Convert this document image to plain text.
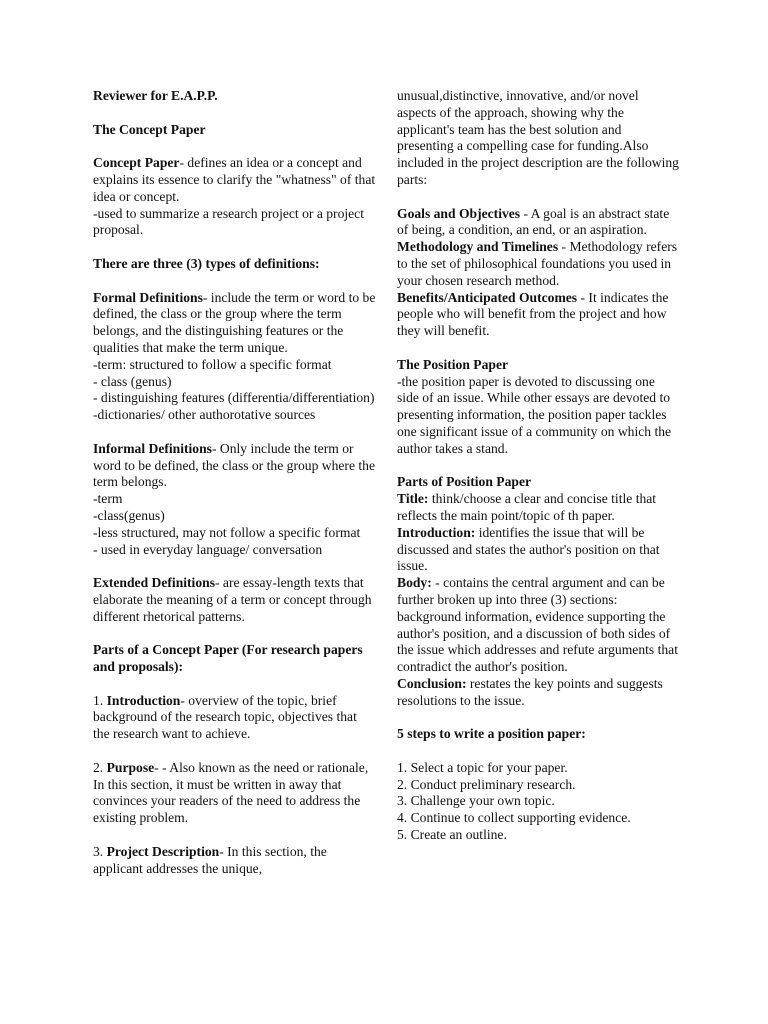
Reviewer for E.A.P.P.

The Concept Paper

Concept Paper- defines an idea or a concept and explains its essence to clarify the "whatness" of that idea or concept.

-used to summarize a research project or a project proposal.

There are three (3) types of definitions:

Formal Definitions- include the term or word to be defined, the class or the group where the term belongs, and the distinguishing features or the qualities that make the term unique.

-term: structured to follow a specific format

- class (genus)

- distinguishing features (differentia/differentiation)

-dictionaries/ other authorotative sources

Informal Definitions- Only include the term or word to be defined, the class or the group where the term belongs.

-term

-class(genus)

-less structured, may not follow a specific format

- used in everyday language/ conversation

Extended Definitions- are essay-length texts that elaborate the meaning of a term or concept through different rhetorical patterns.

Parts of a Concept Paper (For research papers and proposals):

1. Introduction- overview of the topic, brief background of the research topic, objectives that the research want to achieve.

2. Purpose- - Also known as the need or rationale, In this section, it must be written in away that convinces your readers of the need to address the existing problem.

3. Project Description- In this section, the applicant addresses the unique,

unusual,distinctive, innovative, and/or novel aspects of the approach, showing why the applicant's team has the best solution and presenting a compelling case for funding.Also included in the project description are the following parts:

Goals and Objectives - A goal is an abstract state of being, a condition, an end, or an aspiration.

Methodology and Timelines - Methodology refers to the set of philosophical foundations you used in your chosen research method.

Benefits/Anticipated Outcomes - It indicates the people who will benefit from the project and how they will benefit.

The Position Paper

-the position paper is devoted to discussing one side of an issue. While other essays are devoted to presenting information, the position paper tackles one significant issue of a community on which the author takes a stand.

Parts of Position Paper

Title: think/choose a clear and concise title that reflects the main point/topic of th paper.

Introduction: identifies the issue that will be discussed and states the author's position on that issue.

Body: - contains the central argument and can be further broken up into three (3) sections:

background information, evidence supporting the author's position, and a discussion of both sides of the issue which addresses and refute arguments that contradict the author's position.

Conclusion: restates the key points and suggests resolutions to the issue.

5 steps to write a position paper:

1. Select a topic for your paper.

2. Conduct preliminary research.

3. Challenge your own topic.

4. Continue to collect supporting evidence.

5. Create an outline.
